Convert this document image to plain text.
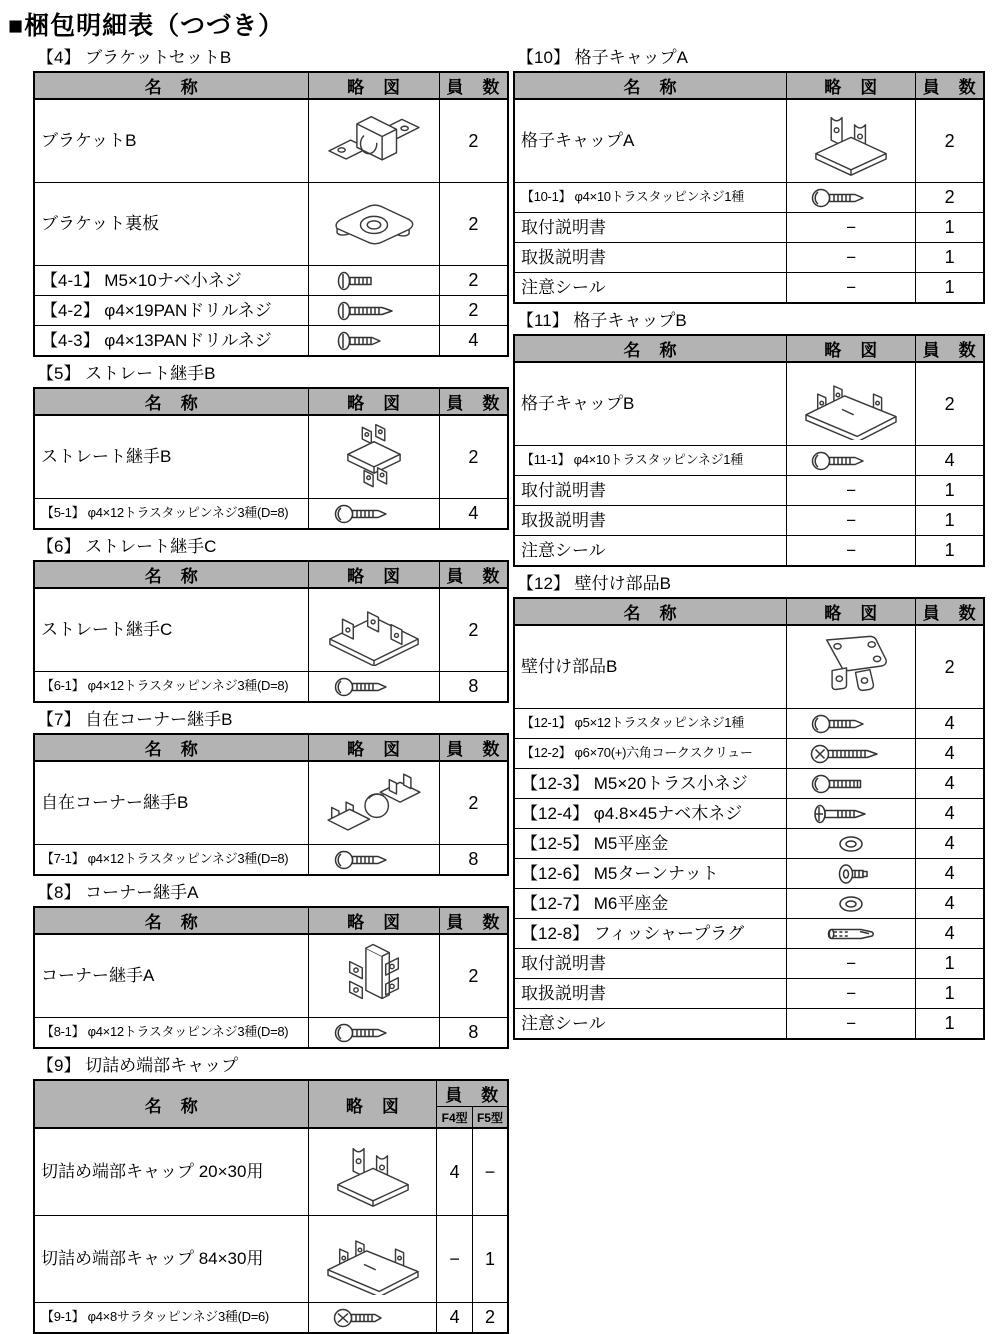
■梱包明細表（つづき）
【4】 ブラケットセットB
名　称	略　図	員　数
ブラケットB		2
ブラケット裏板		2
【4-1】 M5×10ナベ小ネジ		2
【4-2】 φ4×19PANドリルネジ		2
【4-3】 φ4×13PANドリルネジ		4
【5】 ストレート継手B
名　称	略　図	員　数
ストレート継手B		2
【5-1】 φ4×12トラスタッピンネジ3種(D=8)		4
【6】 ストレート継手C
名　称	略　図	員　数
ストレート継手C		2
【6-1】 φ4×12トラスタッピンネジ3種(D=8)		8
【7】 自在コーナー継手B
名　称	略　図	員　数
自在コーナー継手B		2
【7-1】 φ4×12トラスタッピンネジ3種(D=8)		8
【8】 コーナー継手A
名　称	略　図	員　数
コーナー継手A		2
【8-1】 φ4×12トラスタッピンネジ3種(D=8)		8
【9】 切詰め端部キャップ
名　称	略　図	員　数	
		F4型	F5型
切詰め端部キャップ 20×30用		4	−
切詰め端部キャップ 84×30用		−	1
【9-1】 φ4×8サラタッピンネジ3種(D=6)		4	2
【10】 格子キャップA
名　称	略　図	員　数
格子キャップA		2
【10-1】 φ4×10トラスタッピンネジ1種		2
取付説明書	−	1
取扱説明書	−	1
注意シール	−	1
【11】 格子キャップB
名　称	略　図	員　数
格子キャップB		2
【11-1】 φ4×10トラスタッピンネジ1種		4
取付説明書	−	1
取扱説明書	−	1
注意シール	−	1
【12】 壁付け部品B
名　称	略　図	員　数
壁付け部品B		2
【12-1】 φ5×12トラスタッピンネジ1種		4
【12-2】 φ6×70(+)六角コークスクリュー		4
【12-3】 M5×20トラス小ネジ		4
【12-4】 φ4.8×45ナベ木ネジ		4
【12-5】 M5平座金		4
【12-6】 M5ターンナット		4
【12-7】 M6平座金		4
【12-8】 フィッシャープラグ		4
取付説明書	−	1
取扱説明書	−	1
注意シール	−	1
